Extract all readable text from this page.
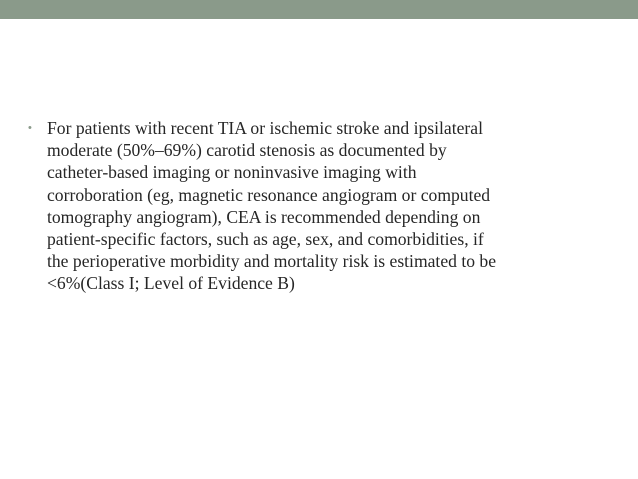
• For patients with recent TIA or ischemic stroke and ipsilateral
moderate (50%–69%) carotid stenosis as documented by
catheter-based imaging or noninvasive imaging with
corroboration (eg, magnetic resonance angiogram or computed
tomography angiogram), CEA is recommended depending on
patient-specific factors, such as age, sex, and comorbidities, if
the perioperative morbidity and mortality risk is estimated to be
<6%(Class I; Level of Evidence B)
